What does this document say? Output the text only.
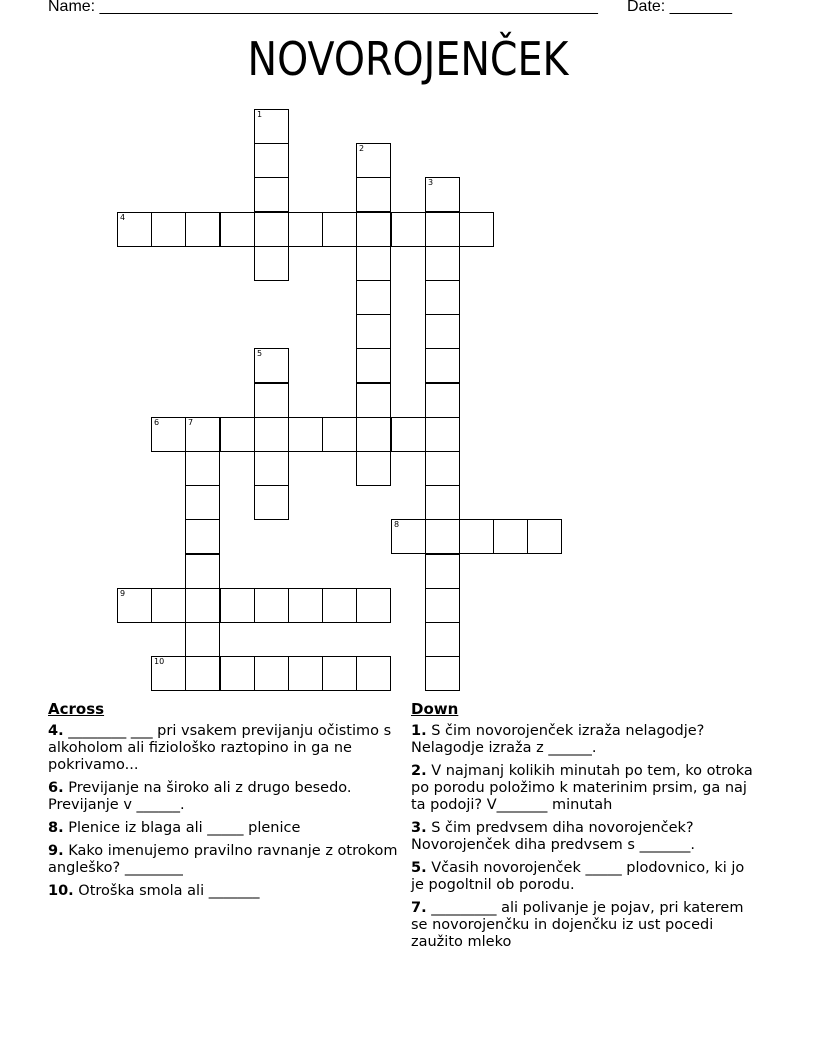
Name: ________________________________________________________ Date: _______
NOVOROJENČEK
1
2
3
4
5
6	7
8
9
10
Across
4. ________ ___ pri vsakem previjanju očistimo s alkoholom ali fiziološko raztopino in ga ne pokrivamo...
6. Previjanje na široko ali z drugo besedo. Previjanje v ______.
8. Plenice iz blaga ali _____ plenice
9. Kako imenujemo pravilno ravnanje z otrokom angleško? ________
10. Otroška smola ali _______
Down
1. S čim novorojenček izraža nelagodje? Nelagodje izraža z ______.
2. V najmanj kolikih minutah po tem, ko otroka po porodu položimo k materinim prsim, ga naj ta podoji? V_______ minutah
3. S čim predvsem diha novorojenček? Novorojenček diha predvsem s _______.
5. Včasih novorojenček _____ plodovnico, ki jo je pogoltnil ob porodu.
7. _________ ali polivanje je pojav, pri katerem se novorojenčku in dojenčku iz ust pocedi zaužito mleko
